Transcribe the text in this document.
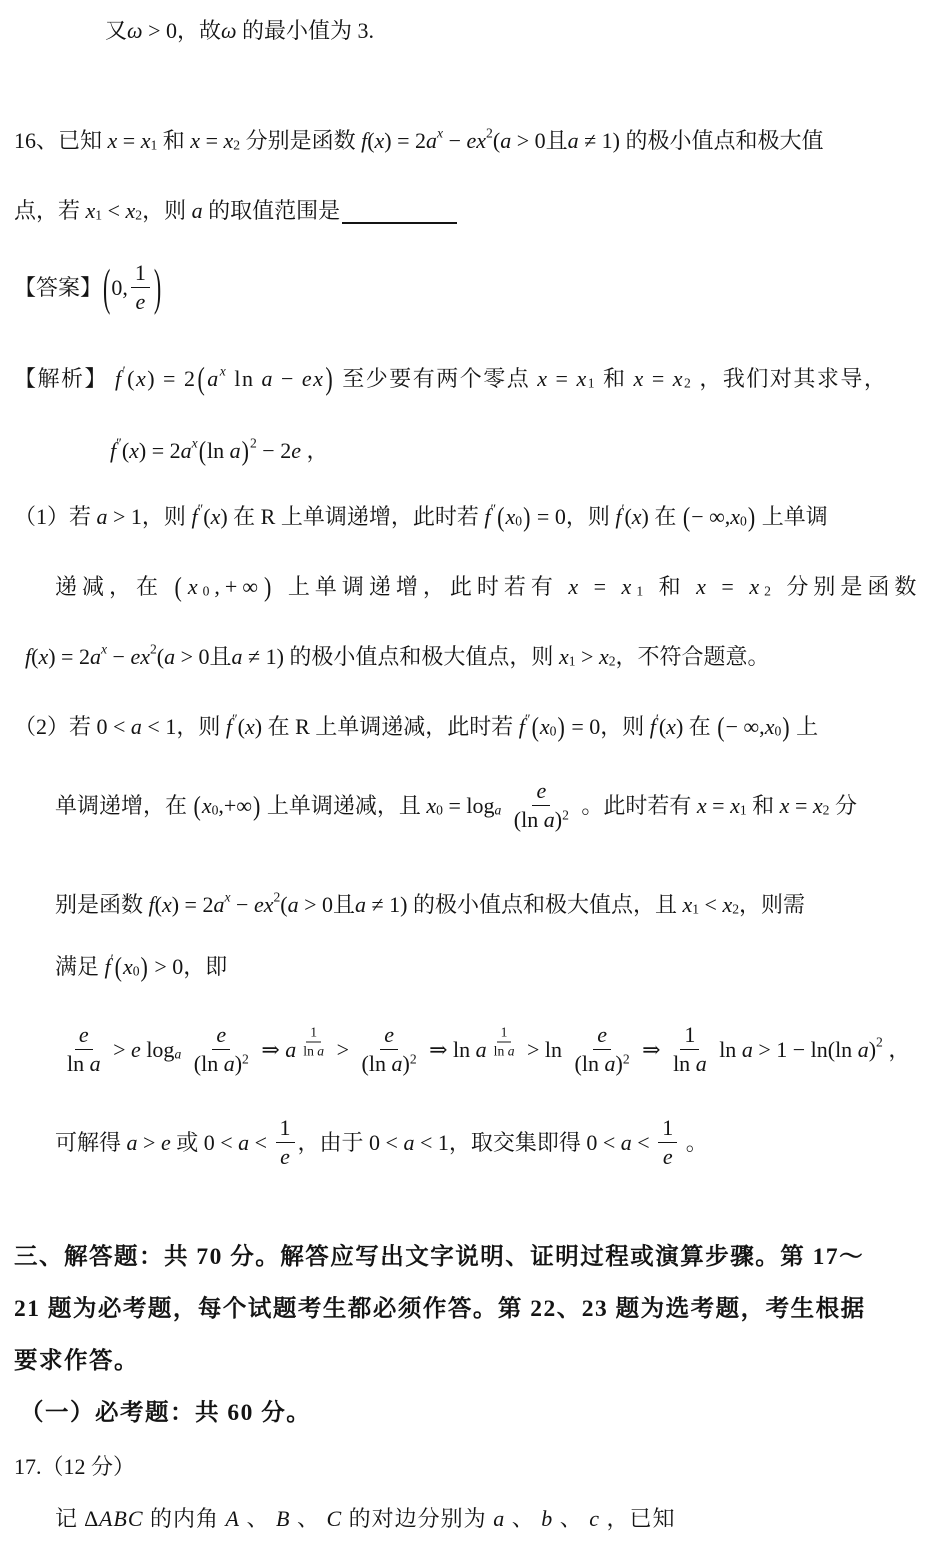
又 ω > 0，故 ω 的最小值为 3.
16、已知 x = x 1 和 x = x 2 分别是函数 f ( x ) = 2 a x − e x 2 ( a > 0且 a ≠ 1) 的极小值点和极大值
点，若 x 1 < x 2 ，则 a 的取值范围是
【答案】 ( 0, $\frac{1}{e}$ )
【解析】 f ′ ( x ) = 2 ( a x ln a − e x ) 至少要有两个零点 x = x 1 和 x = x 2 ，我们对其求导，
f ″ ( x ) = 2 a x ( ln a ) 2 − 2 e ，
（1）若 a > 1，则 f ″ ( x ) 在 R 上单调递增，此时若 f ″ ( x 0 ) = 0，则 f ′ ( x ) 在 ( − ∞, x 0 ) 上单调
递减，在 ( x 0 ,+∞ ) 上单调递增，此时若有 x = x 1 和 x = x 2 分别是函数
f ( x ) = 2 a x − e x 2 ( a > 0且 a ≠ 1) 的极小值点和极大值点，则 x 1 > x 2 ，不符合题意。
（2）若 0 < a < 1，则 f ″ ( x ) 在 R 上单调递减，此时若 f ″ ( x 0 ) = 0，则 f ′ ( x ) 在 ( − ∞, x 0 ) 上
单调递增，在 ( x 0 ,+∞ ) 上单调递减，且 x 0 = log a
$\frac{e}{\text{(ln a)2}}$ 。此时若有 x = x 1 和 x = x 2 分
别是函数 f ( x ) = 2 a x − e x 2 ( a > 0且 a ≠ 1) 的极小值点和极大值点，且 x 1 < x 2 ，则需
满足 f ′ ( x 0 ) > 0，即
$\frac{e}{\text{ln a}} > e$ log a
$\frac{e}{\text{(ln a)2}}$ ⇒ a $\frac{1}{\text{ln a}} > \frac{e}{\text{(ln a)2}}$ ⇒ ln a $\frac{1}{\text{ln a}} > \ln \frac{e}{\text{(ln a)2}}$ ⇒ $\frac{1}{\text{ln a}}$ ln a > 1 − ln(ln a ) 2 ，
可解得 a > e 或 $0 < a < \frac{1}{e}$ ，由于 0 < a < 1，取交集即得 $0 < a < \frac{1}{e}$ 。
三、解答题：共 70 分。解答应写出文字说明、证明过程或演算步骤。第 17～
21 题为必考题，每个试题考生都必须作答。第 22、23 题为选考题，考生根据
要求作答。
（一）必考题：共 60 分。
17.（12 分）
记 ∆ ABC 的内角 A 、 B 、 C 的对边分别为 a 、 b 、 c ，已知
